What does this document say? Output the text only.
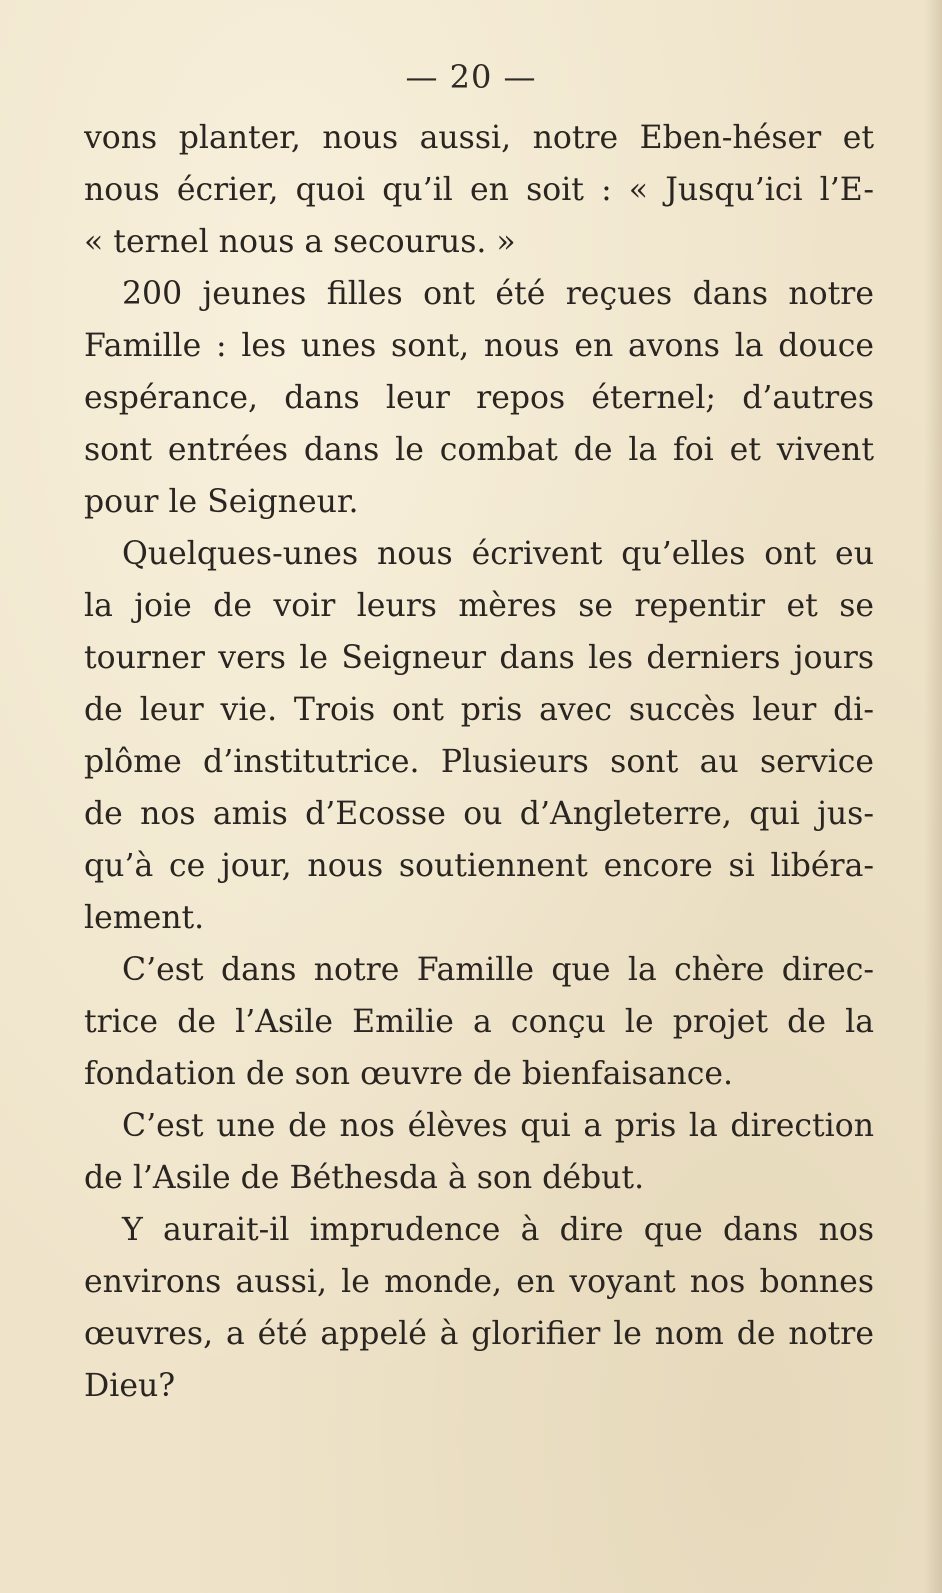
— 20 —
vons planter, nous aussi, notre Eben-héser et
nous écrier, quoi qu’il en soit : « Jusqu’ici l’E-
« ternel nous a secourus. »
200 jeunes filles ont été reçues dans notre
Famille : les unes sont, nous en avons la douce
espérance, dans leur repos éternel; d’autres
sont entrées dans le combat de la foi et vivent
pour le Seigneur.
Quelques-unes nous écrivent qu’elles ont eu
la joie de voir leurs mères se repentir et se
tourner vers le Seigneur dans les derniers jours
de leur vie. Trois ont pris avec succès leur di-
plôme d’institutrice. Plusieurs sont au service
de nos amis d’Ecosse ou d’Angleterre, qui jus-
qu’à ce jour, nous soutiennent encore si libéra-
lement.
C’est dans notre Famille que la chère direc-
trice de l’Asile Emilie a conçu le projet de la
fondation de son œuvre de bienfaisance.
C’est une de nos élèves qui a pris la direction
de l’Asile de Béthesda à son début.
Y aurait-il imprudence à dire que dans nos
environs aussi, le monde, en voyant nos bonnes
œuvres, a été appelé à glorifier le nom de notre
Dieu?
